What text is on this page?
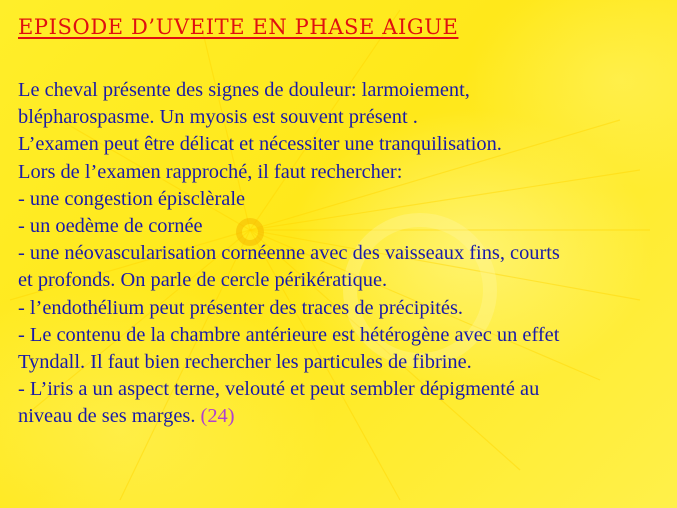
EPISODE D’UVEITE EN PHASE AIGUE
Le cheval présente des signes de douleur: larmoiement,
blépharospasme. Un myosis est souvent présent .
L’examen peut être délicat et nécessiter une tranquilisation.
Lors de l’examen rapproché, il faut rechercher:
- une congestion épisclèrale
- un oedème de cornée
- une néovascularisation cornéenne avec des vaisseaux fins, courts
et profonds. On parle de cercle périkératique.
- l’endothélium peut présenter des traces de précipités.
- Le contenu de la chambre antérieure est hétérogène avec un effet
Tyndall. Il faut bien rechercher les particules de fibrine.
- L’iris a un aspect terne, velouté et peut sembler dépigmenté au
niveau de ses marges. (24)
